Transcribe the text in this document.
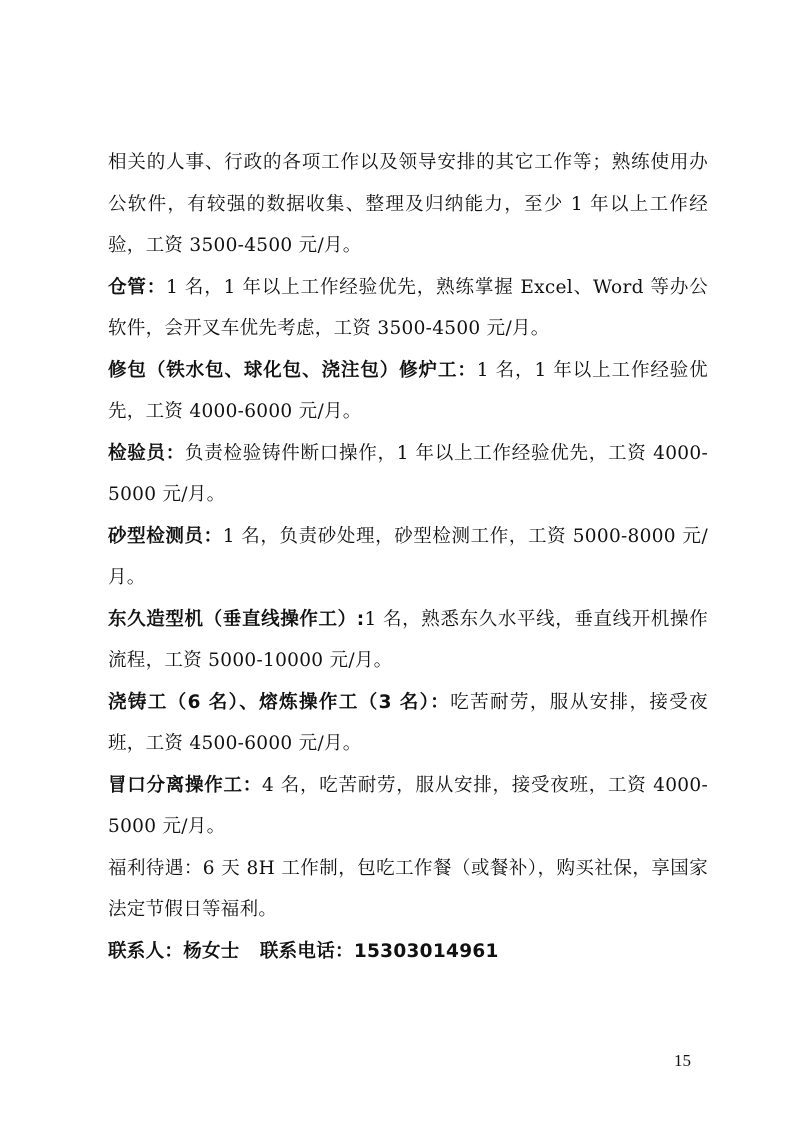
相关的人事、行政的各项工作以及领导安排的其它工作等；熟练使用办公软件，有较强的数据收集、整理及归纳能力，至少 1 年以上工作经验，工资 3500-4500 元/月。

仓管：1 名，1 年以上工作经验优先，熟练掌握 Excel、Word 等办公软件，会开叉车优先考虑，工资 3500-4500 元/月。

修包（铁水包、球化包、浇注包）修炉工：1 名，1 年以上工作经验优先，工资 4000-6000 元/月。

检验员：负责检验铸件断口操作，1 年以上工作经验优先，工资 4000-5000 元/月。

砂型检测员：1 名，负责砂处理，砂型检测工作，工资 5000-8000 元/月。

东久造型机（垂直线操作工）:1 名，熟悉东久水平线，垂直线开机操作流程，工资 5000-10000 元/月。

浇铸工（6 名）、熔炼操作工（3 名）：吃苦耐劳，服从安排，接受夜班，工资 4500-6000 元/月。

冒口分离操作工：4 名，吃苦耐劳，服从安排，接受夜班，工资 4000-5000 元/月。

福利待遇：6 天 8H 工作制，包吃工作餐（或餐补），购买社保，享国家法定节假日等福利。

联系人：杨女士   联系电话：15303014961

15
